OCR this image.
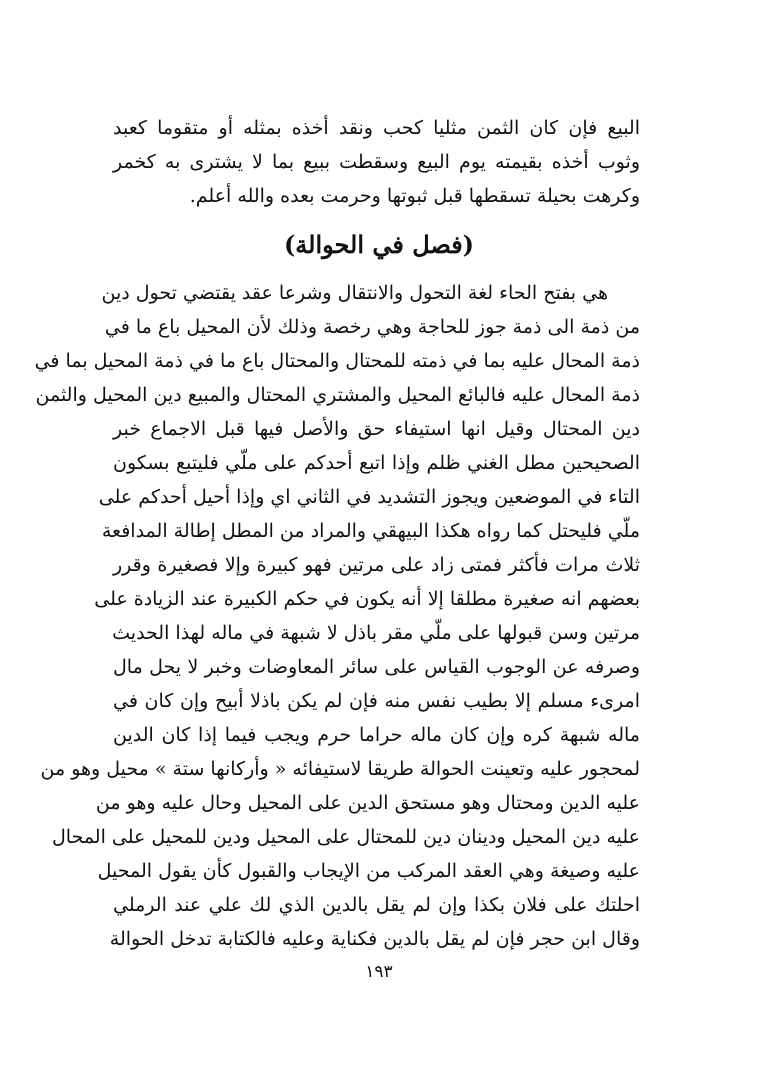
البيع فإن كان الثمن مثليا كحب ونقد أخذه بمثله أو متقوما كعبد
وثوب أخذه بقيمته يوم البيع وسقطت ببيع بما لا يشترى به كخمر
وكرهت بحيلة تسقطها قبل ثبوتها وحرمت بعده والله أعلم.
(فصل في الحوالة)
هي بفتح الحاء لغة التحول والانتقال وشرعا عقد يقتضي تحول دين
من ذمة الى ذمة جوز للحاجة وهي رخصة وذلك لأن المحيل باع ما في
ذمة المحال عليه بما في ذمته للمحتال والمحتال باع ما في ذمة المحيل بما في
ذمة المحال عليه فالبائع المحيل والمشتري المحتال والمبيع دين المحيل والثمن
دين المحتال وقيل انها استيفاء حق والأصل فيها قبل الاجماع خبر
الصحيحين مطل الغني ظلم وإذا اتبع أحدكم على ملّي فليتبع بسكون
التاء في الموضعين ويجوز التشديد في الثاني اي وإذا أحيل أحدكم على
ملّي فليحتل كما رواه هكذا البيهقي والمراد من المطل إطالة المدافعة
ثلاث مرات فأكثر فمتى زاد على مرتين فهو كبيرة وإلا فصغيرة وقرر
بعضهم انه صغيرة مطلقا إلا أنه يكون في حكم الكبيرة عند الزيادة على
مرتين وسن قبولها على ملّي مقر باذل لا شبهة في ماله لهذا الحديث
وصرفه عن الوجوب القياس على سائر المعاوضات وخبر لا يحل مال
امرىء مسلم إلا بطيب نفس منه فإن لم يكن باذلا أبيح وإن كان في
ماله شبهة كره وإن كان ماله حراما حرم ويجب فيما إذا كان الدين
لمحجور عليه وتعينت الحوالة طريقا لاستيفائه « وأركانها ستة » محيل وهو من
عليه الدين ومحتال وهو مستحق الدين على المحيل وحال عليه وهو من
عليه دين المحيل ودينان دين للمحتال على المحيل ودين للمحيل على المحال
عليه وصيغة وهي العقد المركب من الإيجاب والقبول كأن يقول المحيل
احلتك على فلان بكذا وإن لم يقل بالدين الذي لك علي عند الرملي
وقال ابن حجر فإن لم يقل بالدين فكناية وعليه فالكتابة تدخل الحوالة
١٩٣
